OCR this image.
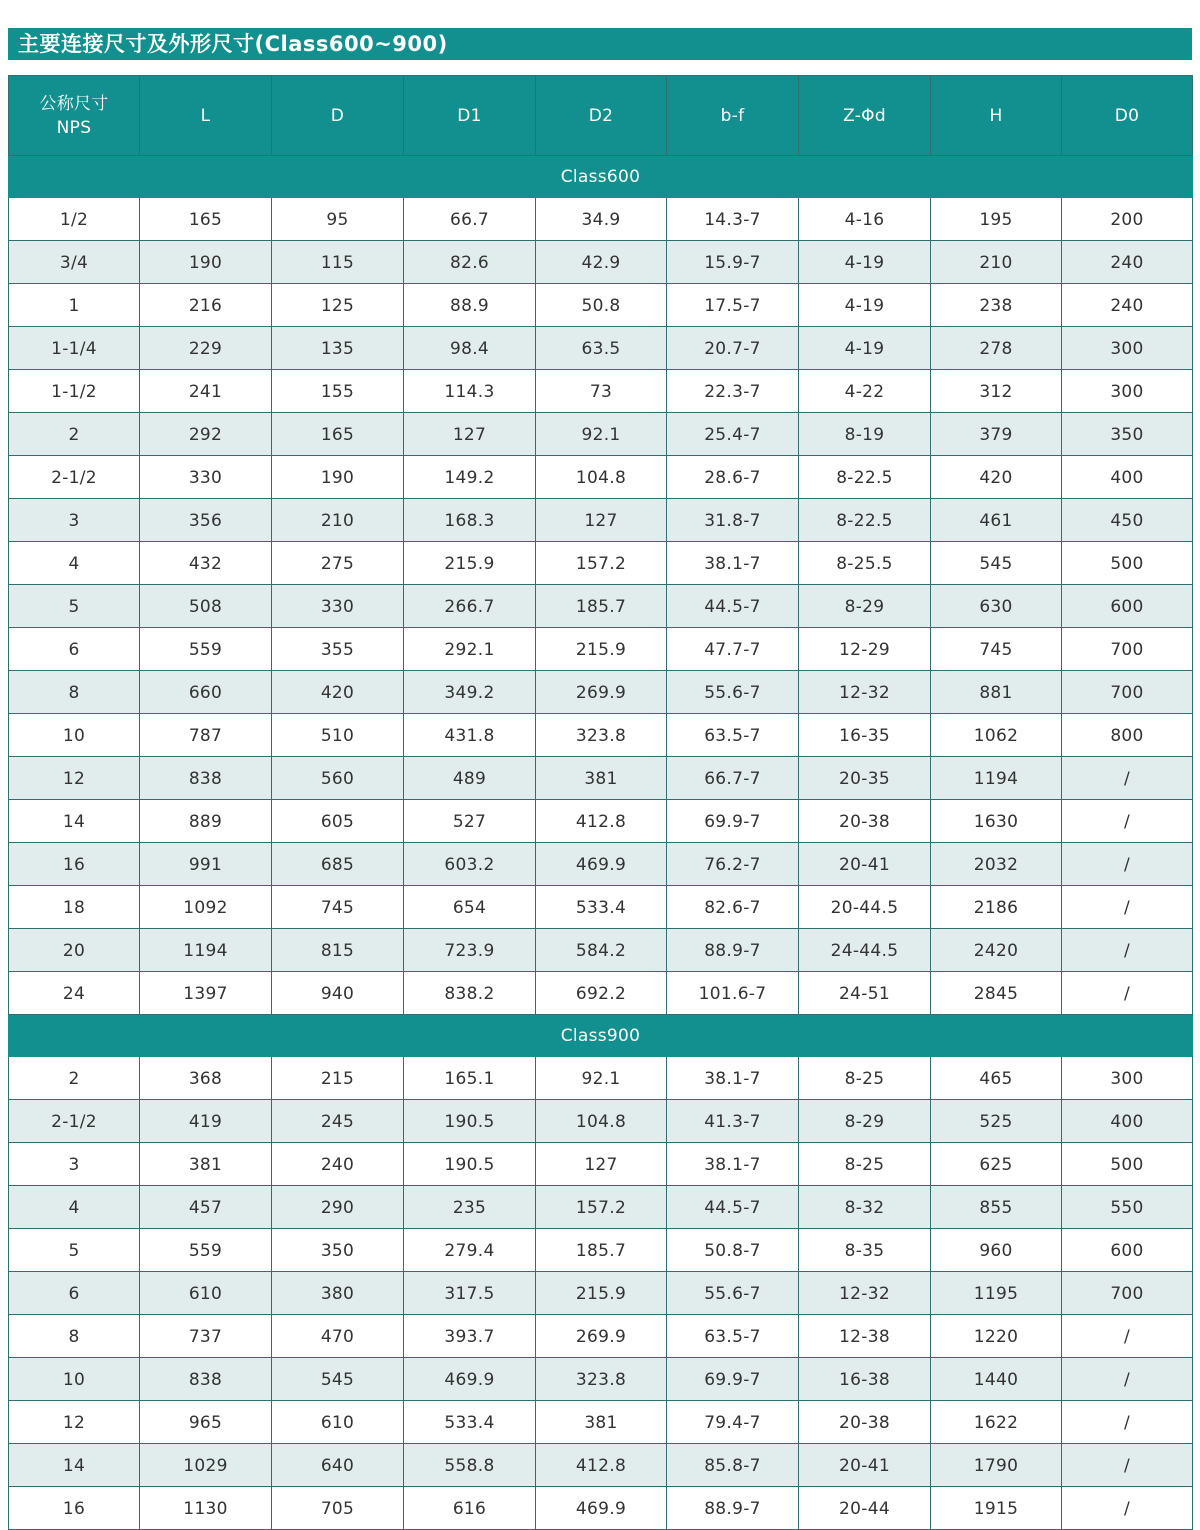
主要连接尺寸及外形尺寸(Class600~900)
公称尺寸
NPS	L	D	D1	D2	b-f	Z-Φd	H	D0
Class600								
1/2	165	95	66.7	34.9	14.3-7	4-16	195	200
3/4	190	115	82.6	42.9	15.9-7	4-19	210	240
1	216	125	88.9	50.8	17.5-7	4-19	238	240
1-1/4	229	135	98.4	63.5	20.7-7	4-19	278	300
1-1/2	241	155	114.3	73	22.3-7	4-22	312	300
2	292	165	127	92.1	25.4-7	8-19	379	350
2-1/2	330	190	149.2	104.8	28.6-7	8-22.5	420	400
3	356	210	168.3	127	31.8-7	8-22.5	461	450
4	432	275	215.9	157.2	38.1-7	8-25.5	545	500
5	508	330	266.7	185.7	44.5-7	8-29	630	600
6	559	355	292.1	215.9	47.7-7	12-29	745	700
8	660	420	349.2	269.9	55.6-7	12-32	881	700
10	787	510	431.8	323.8	63.5-7	16-35	1062	800
12	838	560	489	381	66.7-7	20-35	1194	/
14	889	605	527	412.8	69.9-7	20-38	1630	/
16	991	685	603.2	469.9	76.2-7	20-41	2032	/
18	1092	745	654	533.4	82.6-7	20-44.5	2186	/
20	1194	815	723.9	584.2	88.9-7	24-44.5	2420	/
24	1397	940	838.2	692.2	101.6-7	24-51	2845	/
Class900								
2	368	215	165.1	92.1	38.1-7	8-25	465	300
2-1/2	419	245	190.5	104.8	41.3-7	8-29	525	400
3	381	240	190.5	127	38.1-7	8-25	625	500
4	457	290	235	157.2	44.5-7	8-32	855	550
5	559	350	279.4	185.7	50.8-7	8-35	960	600
6	610	380	317.5	215.9	55.6-7	12-32	1195	700
8	737	470	393.7	269.9	63.5-7	12-38	1220	/
10	838	545	469.9	323.8	69.9-7	16-38	1440	/
12	965	610	533.4	381	79.4-7	20-38	1622	/
14	1029	640	558.8	412.8	85.8-7	20-41	1790	/
16	1130	705	616	469.9	88.9-7	20-44	1915	/
